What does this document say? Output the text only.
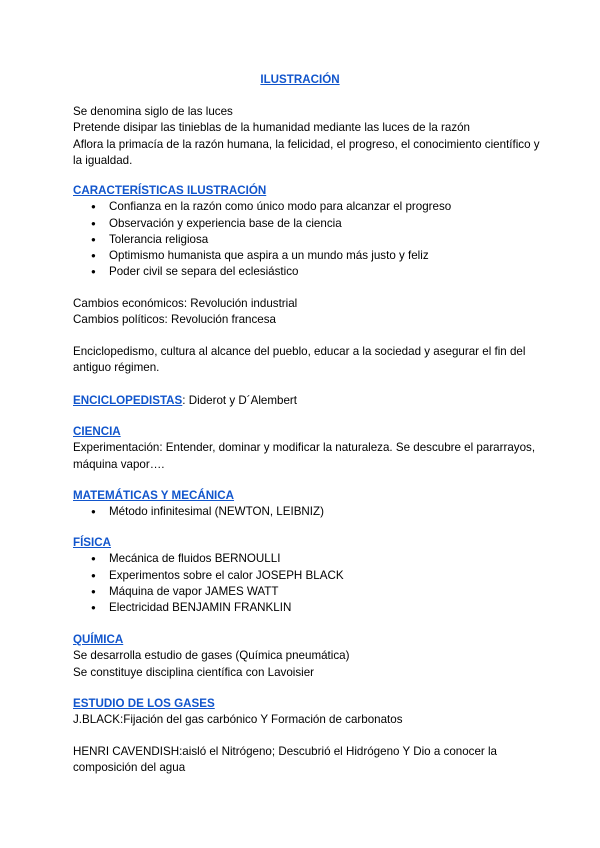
ILUSTRACIÓN

Se denomina siglo de las luces

Pretende disipar las tinieblas de la humanidad mediante las luces de la razón

Aflora la primacía de la razón humana, la felicidad, el progreso, el conocimiento científico y la igualdad.

CARACTERÍSTICAS ILUSTRACIÓN

● Confianza en la razón como único modo para alcanzar el progreso
● Observación y experiencia base de la ciencia
● Tolerancia religiosa
● Optimismo humanista que aspira a un mundo más justo y feliz
● Poder civil se separa del eclesiástico

Cambios económicos: Revolución industrial

Cambios políticos: Revolución francesa

Enciclopedismo, cultura al alcance del pueblo, educar a la sociedad y asegurar el fin del antiguo régimen.

ENCICLOPEDISTAS: Diderot y D´Alembert

CIENCIA

Experimentación: Entender, dominar y modificar la naturaleza. Se descubre el pararrayos, máquina vapor….

MATEMÁTICAS Y MECÁNICA

● Método infinitesimal (NEWTON, LEIBNIZ)

FÍSICA

● Mecánica de fluidos BERNOULLI
● Experimentos sobre el calor JOSEPH BLACK
● Máquina de vapor JAMES WATT
● Electricidad BENJAMIN FRANKLIN

QUÍMICA

Se desarrolla estudio de gases (Química pneumática)

Se constituye disciplina científica con Lavoisier

ESTUDIO DE LOS GASES

J.BLACK:Fijación del gas carbónico Y Formación de carbonatos

HENRI CAVENDISH:aisló el Nitrógeno; Descubrió el Hidrógeno Y Dio a conocer la composición del agua
